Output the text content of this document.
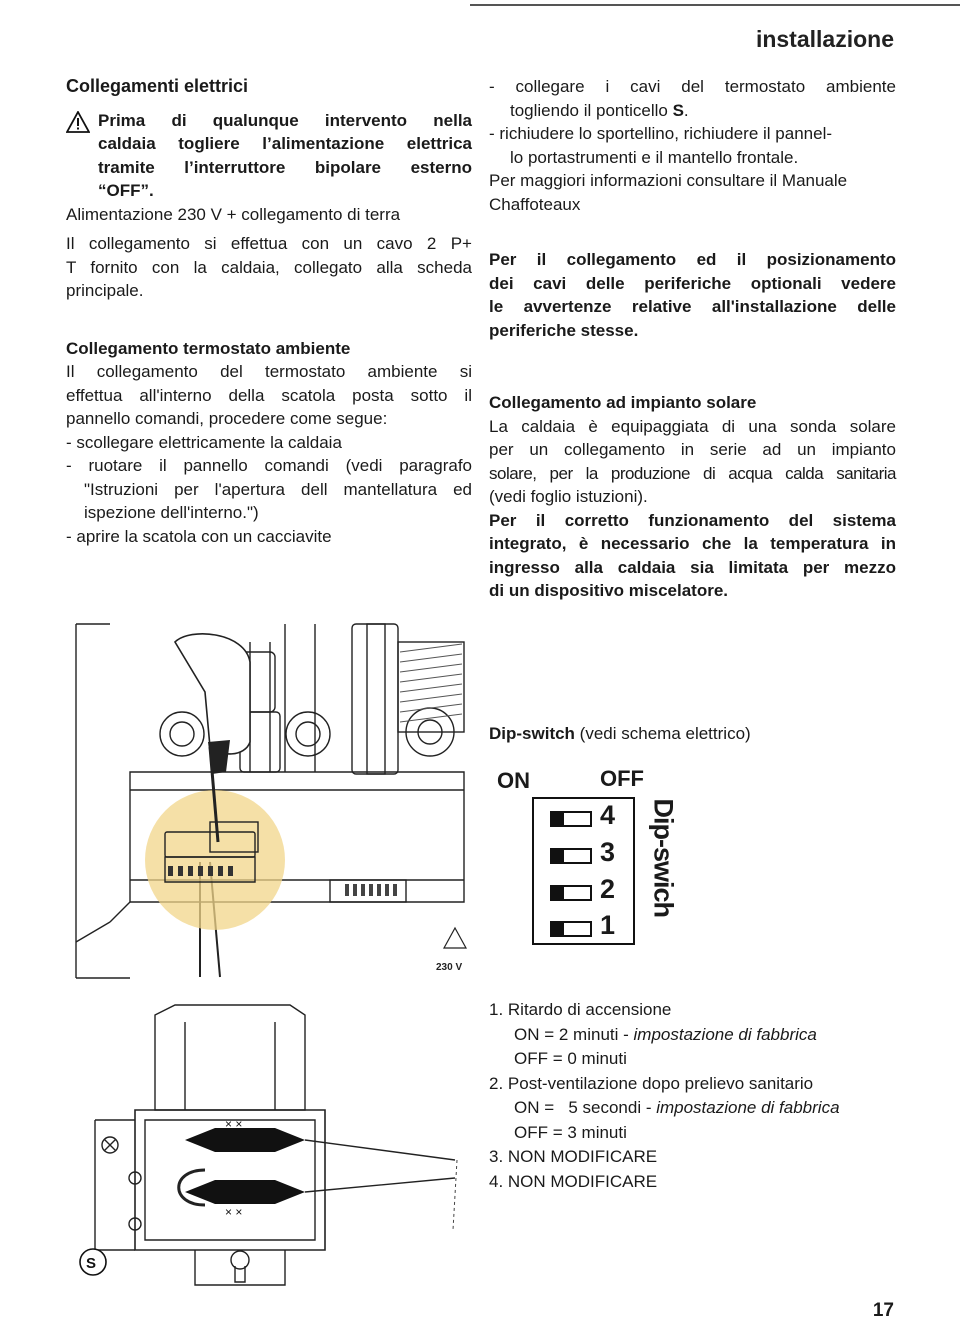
installazione

Collegamenti elettrici

Prima di qualunque intervento nella

caldaia togliere l’alimentazione elettrica

tramite l’interruttore bipolare esterno

“OFF”.

Alimentazione 230 V + collegamento di terra

Il collegamento si effettua con un cavo 2 P+

T fornito con la caldaia, collegato alla scheda

principale.

Collegamento termostato ambiente

Il collegamento del termostato ambiente si

effettua all'interno della scatola posta sotto il

pannello comandi, procedere come segue:

- scollegare elettricamente la caldaia

- ruotare il pannello comandi (vedi paragrafo

"Istruzioni per l'apertura dell mantellatura ed

ispezione dell'interno.")

- aprire la scatola con un cacciavite

- collegare i cavi del termostato ambiente

togliendo il ponticello S.

- richiudere lo sportellino, richiudere il pannel-

lo portastrumenti e il mantello frontale.

Per maggiori informazioni consultare il Manuale

Chaffoteaux

Per il collegamento ed il posizionamento

dei cavi delle periferiche optionali vedere

le avvertenze relative all'installazione delle

periferiche stesse.

Collegamento ad impianto solare

La caldaia è equipaggiata di una sonda solare

per un collegamento in serie ad un impianto

solare, per la produzione di acqua calda sanitaria

(vedi foglio istuzioni).

Per il corretto funzionamento del sistema

integrato, è necessario che la temperatura in

ingresso alla caldaia sia limitata per mezzo

di un dispositivo miscelatore.

230 V
× ×
× ×
S
Dip-switch (vedi schema elettrico)
ON	OFF
4
3
2
1
Dip-swich

1. Ritardo di accensione

ON = 2 minuti - impostazione di fabbrica

OFF = 0 minuti

2. Post-ventilazione dopo prelievo sanitario

ON =   5 secondi - impostazione di fabbrica

OFF = 3 minuti

3. NON MODIFICARE

4. NON MODIFICARE

17
